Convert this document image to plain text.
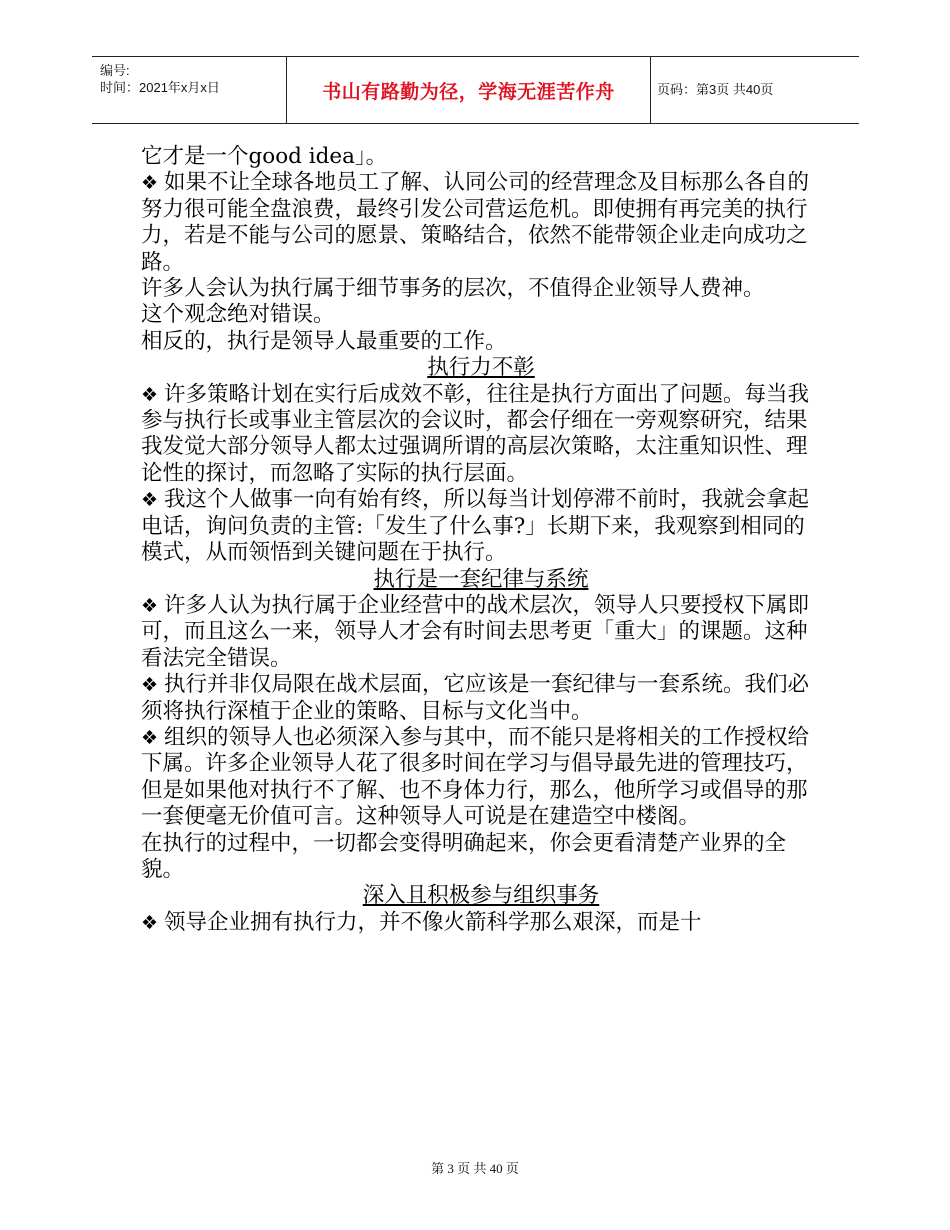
编号:
时间：2021年x月x日	书山有路勤为径，学海无涯苦作舟	页码：第3页 共40页

它才是一个good idea」。

❖ 如果不让全球各地员工了解、认同公司的经营理念及目标那么各自的努力很可能全盘浪费，最终引发公司营运危机。即使拥有再完美的执行力，若是不能与公司的愿景、策略结合，依然不能带领企业走向成功之路。

许多人会认为执行属于细节事务的层次，不值得企业领导人费神。

这个观念绝对错误。

相反的，执行是领导人最重要的工作。

执行力不彰

❖ 许多策略计划在实行后成效不彰，往往是执行方面出了问题。每当我参与执行长或事业主管层次的会议时，都会仔细在一旁观察研究，结果我发觉大部分领导人都太过强调所谓的高层次策略，太注重知识性、理论性的探讨，而忽略了实际的执行层面。

❖ 我这个人做事一向有始有终，所以每当计划停滞不前时，我就会拿起电话，询问负责的主管:「发生了什么事?」长期下来，我观察到相同的模式，从而领悟到关键问题在于执行。

执行是一套纪律与系统

❖ 许多人认为执行属于企业经营中的战术层次，领导人只要授权下属即可，而且这么一来，领导人才会有时间去思考更「重大」的课题。这种看法完全错误。

❖ 执行并非仅局限在战术层面，它应该是一套纪律与一套系统。我们必须将执行深植于企业的策略、目标与文化当中。

❖ 组织的领导人也必须深入参与其中，而不能只是将相关的工作授权给下属。许多企业领导人花了很多时间在学习与倡导最先进的管理技巧，但是如果他对执行不了解、也不身体力行，那么，他所学习或倡导的那一套便毫无价值可言。这种领导人可说是在建造空中楼阁。

在执行的过程中，一切都会变得明确起来，你会更看清楚产业界的全貌。

深入且积极参与组织事务

❖ 领导企业拥有执行力，并不像火箭科学那么艰深，而是十

第 3 页 共 40 页
